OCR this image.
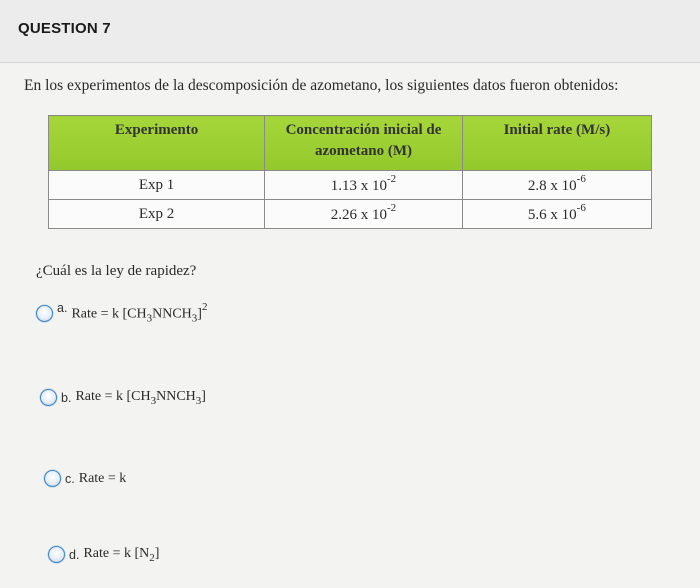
QUESTION 7
En los experimentos de la descomposición de azometano, los siguientes datos fueron obtenidos:
Experimento	Concentración inicial de azometano (M)	Initial rate (M/s)
Exp 1	1.13 x $10^{-2}$	2.8 x $10^{-6}$
Exp 2	2.26 x $10^{-2}$	5.6 x $10^{-6}$
¿Cuál es la ley de rapidez?
a. Rate = k $[CH_3NNCH_3]^2$
b. Rate = k $[CH_3NNCH_3]$
c. Rate = k
d. Rate = k $[N_2]$
